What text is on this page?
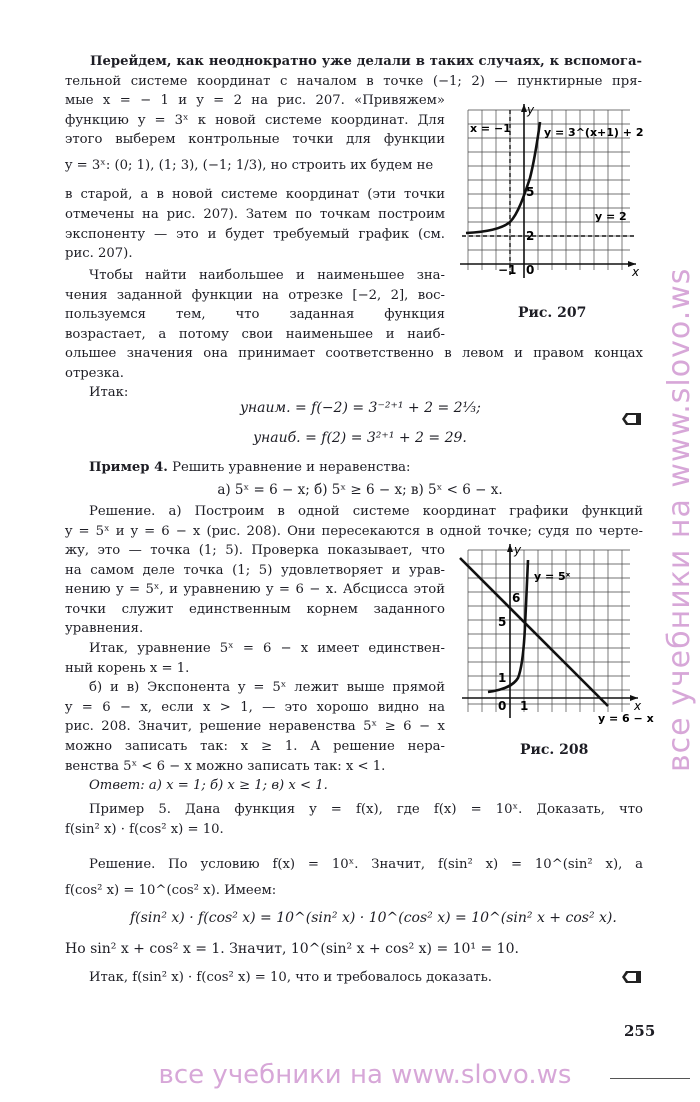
Перейдем, как неоднократно уже делали в таких случаях, к вспомога-
тельной системе координат с началом в точке (−1; 2) — пунктирные пря-
мые x = − 1 и y = 2 на рис. 207. «Привяжем»
функцию y = 3ˣ к новой системе координат. Для
этого выберем контрольные точки для функции
y = 3ˣ: (0; 1), (1; 3), (−1; 1/3), но строить их будем не
в старой, а в новой системе координат (эти точки
отмечены на рис. 207). Затем по точкам построим
экспоненту — это и будет требуемый график (см.
рис. 207).
Чтобы найти наибольшее и наименьшее зна-
чения заданной функции на отрезке [−2, 2], вос-
пользуемся тем, что заданная функция
возрастает, а потому свои наименьшее и наиб-
ольшее значения она принимает соответственно в левом и правом концах
отрезка.
Итак:
yнаим. = f(−2) = 3⁻²⁺¹ + 2 = 2⅓;
yнаиб. = f(2) = 3²⁺¹ + 2 = 29.
Пример 4. Решить уравнение и неравенства:
а) 5ˣ = 6 − x; б) 5ˣ ≥ 6 − x; в) 5ˣ < 6 − x.
Решение. а) Построим в одной системе координат графики функций
y = 5ˣ и y = 6 − x (рис. 208). Они пересекаются в одной точке; судя по черте-
жу, это — точка (1; 5). Проверка показывает, что
на самом деле точка (1; 5) удовлетворяет и урав-
нению y = 5ˣ, и уравнению y = 6 − x. Абсцисса этой
точки служит единственным корнем заданного
уравнения.
Итак, уравнение 5ˣ = 6 − x имеет единствен-
ный корень x = 1.
б) и в) Экспонента y = 5ˣ лежит выше прямой
y = 6 − x, если x > 1, — это хорошо видно на
рис. 208. Значит, решение неравенства 5ˣ ≥ 6 − x
можно записать так: x ≥ 1. А решение нера-
венства 5ˣ < 6 − x можно записать так: x < 1.
Ответ: а) x = 1; б) x ≥ 1; в) x < 1.
Пример 5. Дана функция y = f(x), где f(x) = 10ˣ. Доказать, что
f(sin² x) · f(cos² x) = 10.
Решение. По условию f(x) = 10ˣ. Значит, f(sin² x) = 10^(sin² x), а
f(cos² x) = 10^(cos² x). Имеем:
f(sin² x) · f(cos² x) = 10^(sin² x) · 10^(cos² x) = 10^(sin² x + cos² x).
Но sin² x + cos² x = 1. Значит, 10^(sin² x + cos² x) = 10¹ = 10.
Итак, f(sin² x) · f(cos² x) = 10, что и требовалось доказать.
255
x = −1
y
y = 3^(x+1) + 2
y = 2
5
2
−1 0	x
Рис. 207
y
y = 5ˣ
6
5
1
0 1	x
y = 6 − x
Рис. 208 все учебники на www.slovo.ws
все учебники на www.slovo.ws
